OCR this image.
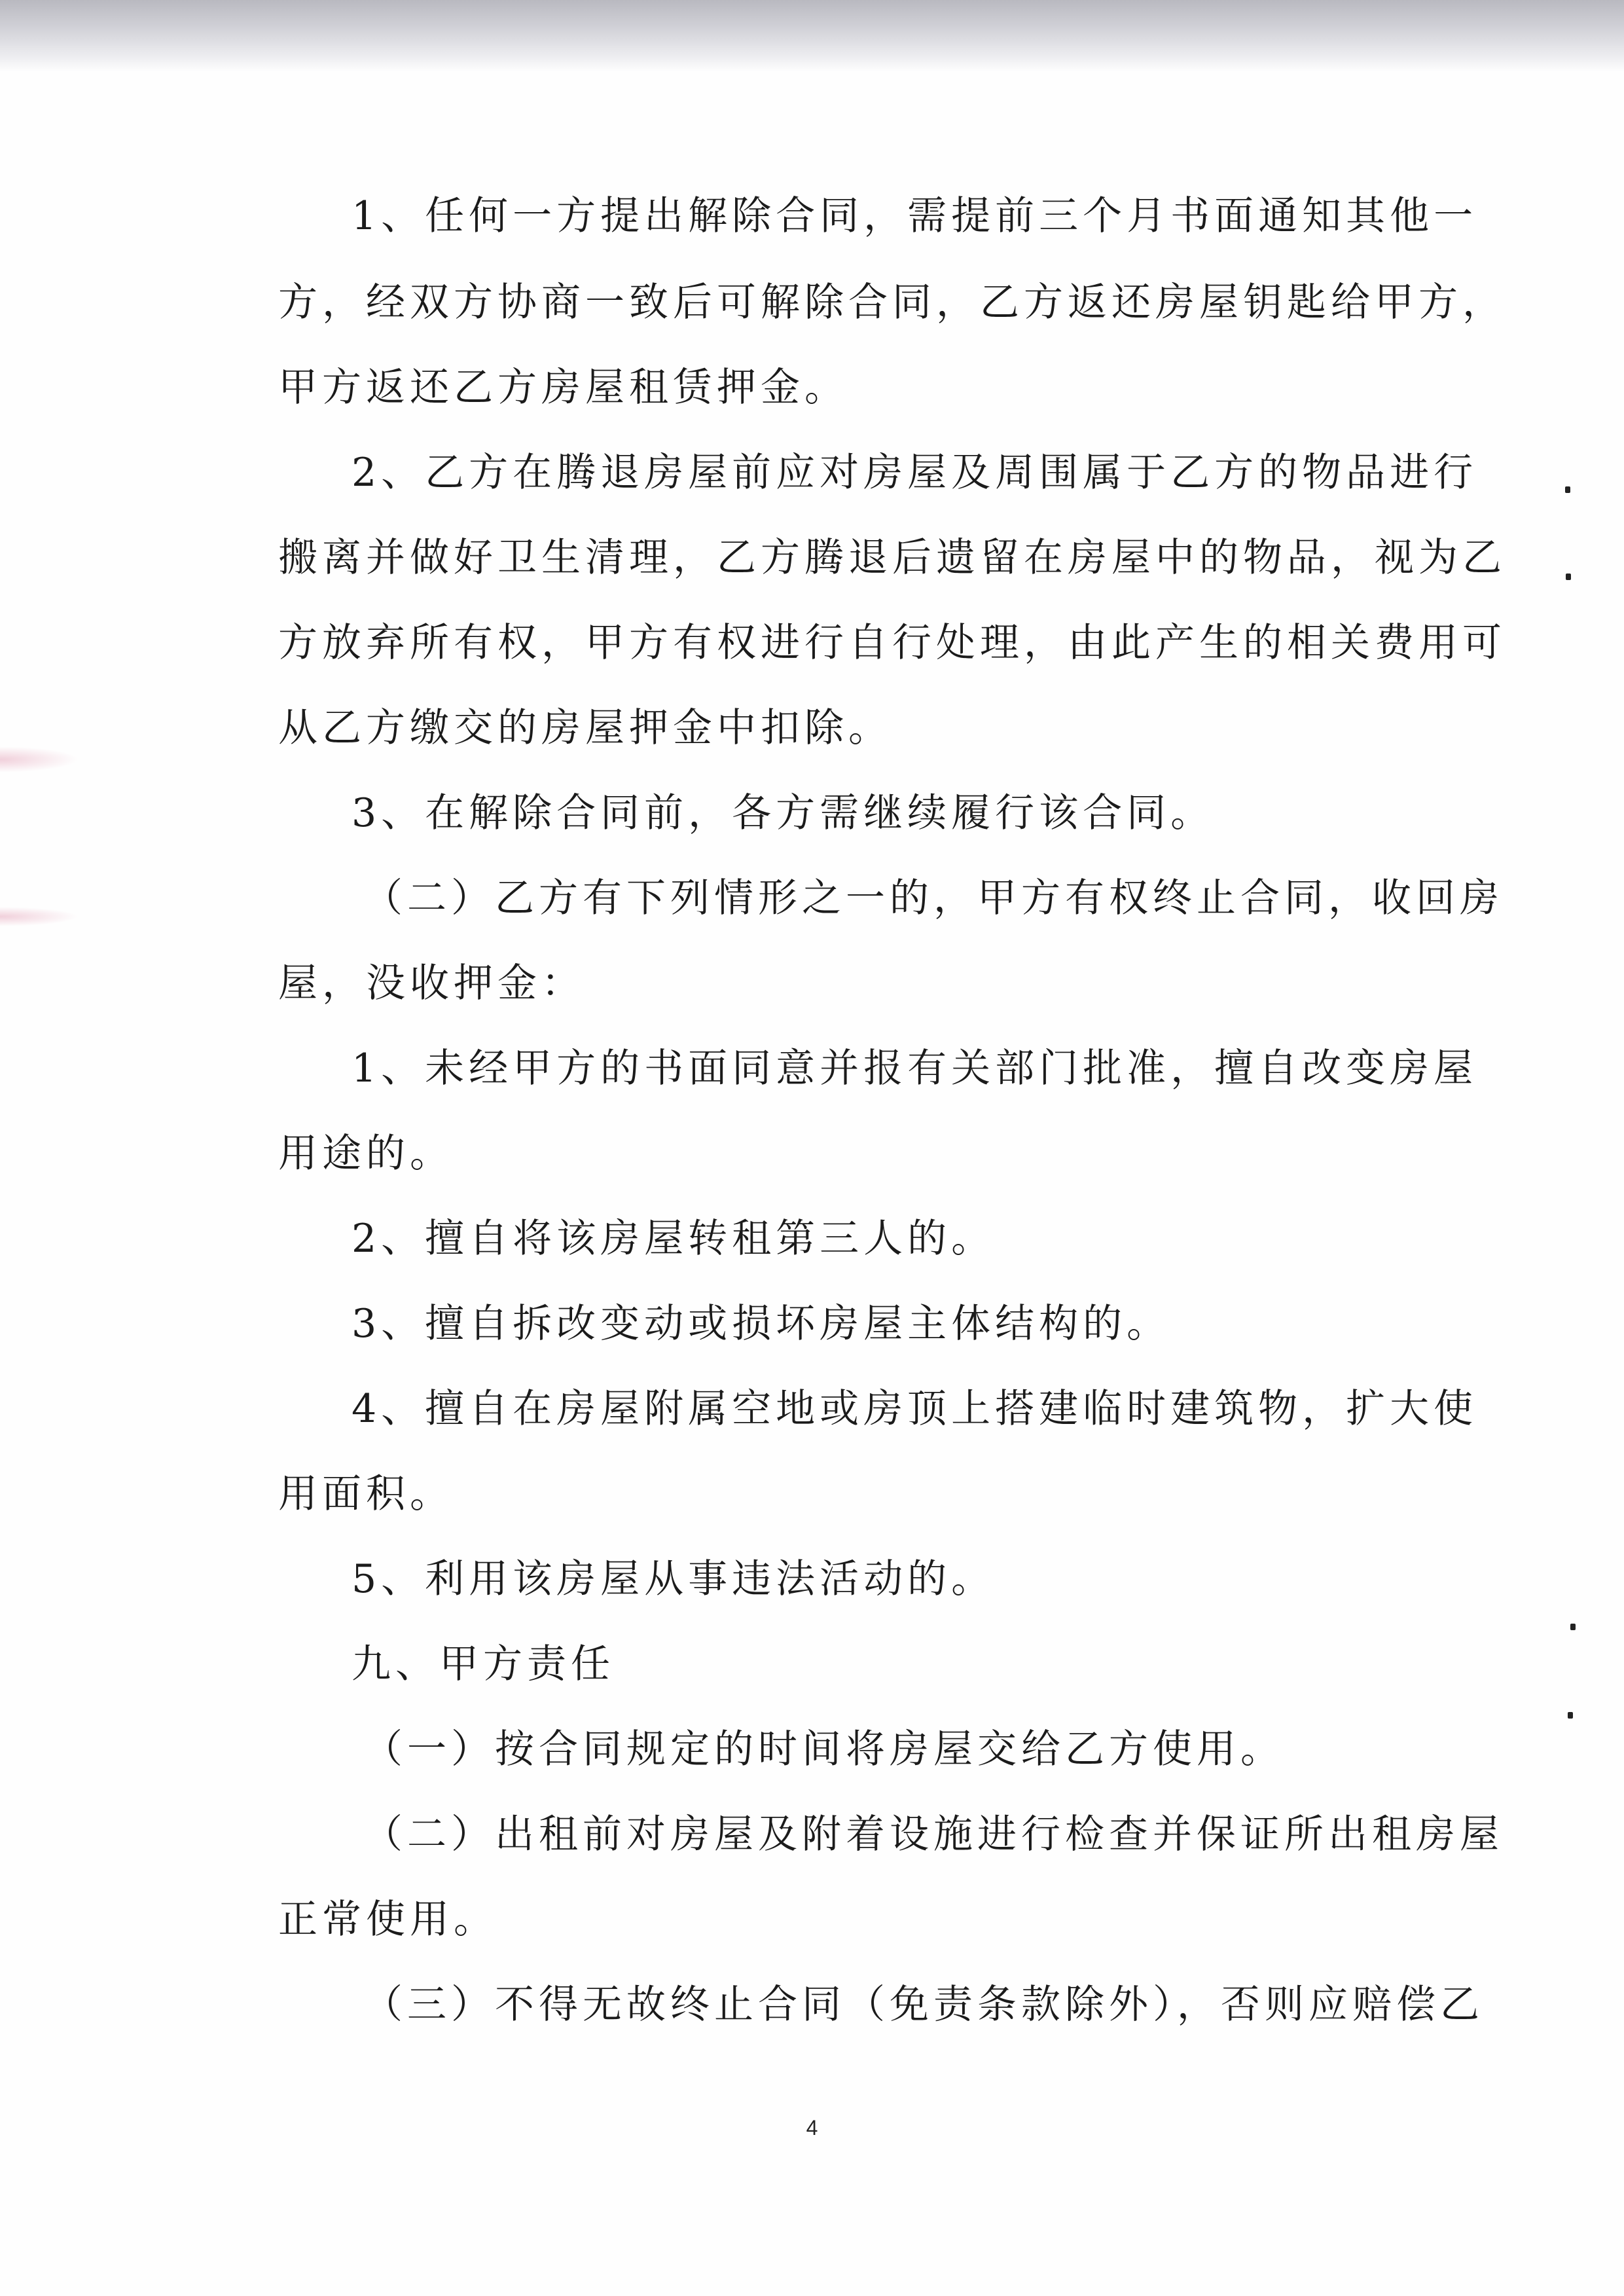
1、任何一方提出解除合同，需提前三个月书面通知其他一
方，经双方协商一致后可解除合同，乙方返还房屋钥匙给甲方，
甲方返还乙方房屋租赁押金。
2、乙方在腾退房屋前应对房屋及周围属于乙方的物品进行
搬离并做好卫生清理，乙方腾退后遗留在房屋中的物品，视为乙
方放弃所有权，甲方有权进行自行处理，由此产生的相关费用可
从乙方缴交的房屋押金中扣除。
3、在解除合同前，各方需继续履行该合同。
（二）乙方有下列情形之一的，甲方有权终止合同，收回房
屋，没收押金：
1、未经甲方的书面同意并报有关部门批准，擅自改变房屋
用途的。
2、擅自将该房屋转租第三人的。
3、擅自拆改变动或损坏房屋主体结构的。
4、擅自在房屋附属空地或房顶上搭建临时建筑物，扩大使
用面积。
5、利用该房屋从事违法活动的。
九、甲方责任
（一）按合同规定的时间将房屋交给乙方使用。
（二）出租前对房屋及附着设施进行检查并保证所出租房屋
正常使用。
（三）不得无故终止合同（免责条款除外），否则应赔偿乙
4
